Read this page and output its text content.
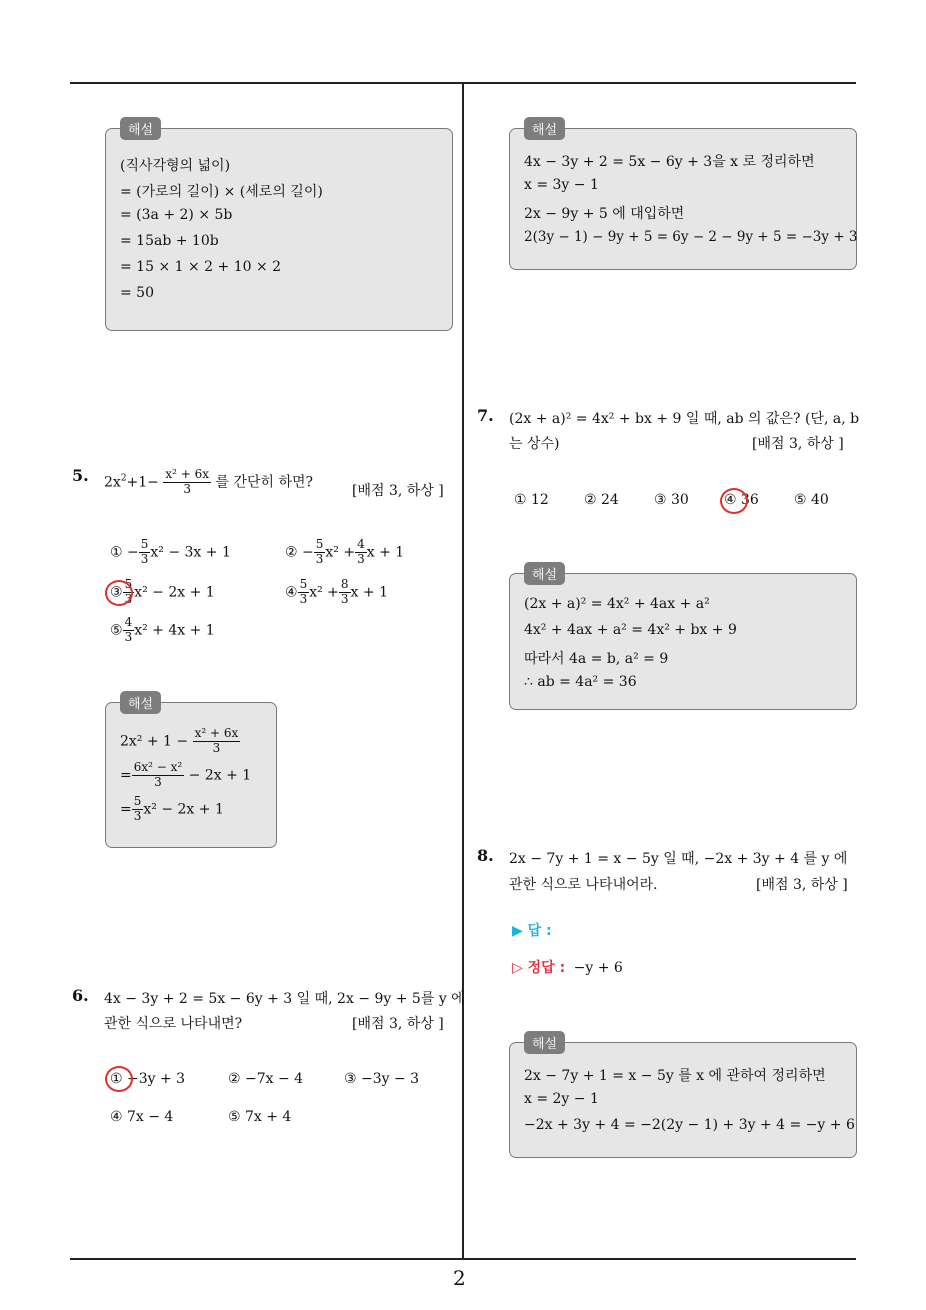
2
해설
(직사각형의 넓이)
= (가로의 길이) × (세로의 길이)
= (3a + 2) × 5b
= 15ab + 10b
= 15 × 1 × 2 + 10 × 2
= 50
5. $2x^2+1- \frac{\text{x² + 6x}}{3}$ 를 간단히 하면?
[배점 3, 하상 ]
① − $\frac{5}{3} x^2 - 3x + 1$	② − $\frac{5}{3} x^2 + \frac{4}{3}$ x + 1
③ $\frac{5}{3} x^2 - 2x + 1$	④ $\frac{5}{3} x^2 + \frac{8}{3}$ x + 1
⑤ $\frac{4}{3} x^2 + 4x + 1$
해설
$2x^2 + 1 - \frac{\text{x² + 6x}}{3}$
= $\frac{\text{6x² − x²}}{3} - 2x + 1$
= $\frac{5}{3} x^2 - 2x + 1$
6. 4x − 3y + 2 = 5x − 6y + 3 일 때, 2x − 9y + 5를 y 에
관한 식으로 나타내면?	[배점 3, 하상 ]
① −3y + 3	② −7x − 4	③ −3y − 3
④ 7x − 4	⑤ 7x + 4
해설
4x − 3y + 2 = 5x − 6y + 3을 x 로 정리하면
x = 3y − 1
2x − 9y + 5 에 대입하면
2(3y − 1) − 9y + 5 = 6y − 2 − 9y + 5 = −3y + 3
7. (2x + a)² = 4x² + bx + 9 일 때, ab 의 값은? (단, a, b
는 상수)	[배점 3, 하상 ]
① 12	② 24	③ 30	④ 36	⑤ 40
해설
(2x + a)² = 4x² + 4ax + a²
4x² + 4ax + a² = 4x² + bx + 9
따라서 4a = b, a² = 9
∴ ab = 4a² = 36
8. 2x − 7y + 1 = x − 5y 일 때, −2x + 3y + 4 를 y 에
관한 식으로 나타내어라.	[배점 3, 하상 ]
▶ 답 :
▷ 정답 : −y + 6
해설
2x − 7y + 1 = x − 5y 를 x 에 관하여 정리하면
x = 2y − 1
−2x + 3y + 4 = −2(2y − 1) + 3y + 4 = −y + 6
